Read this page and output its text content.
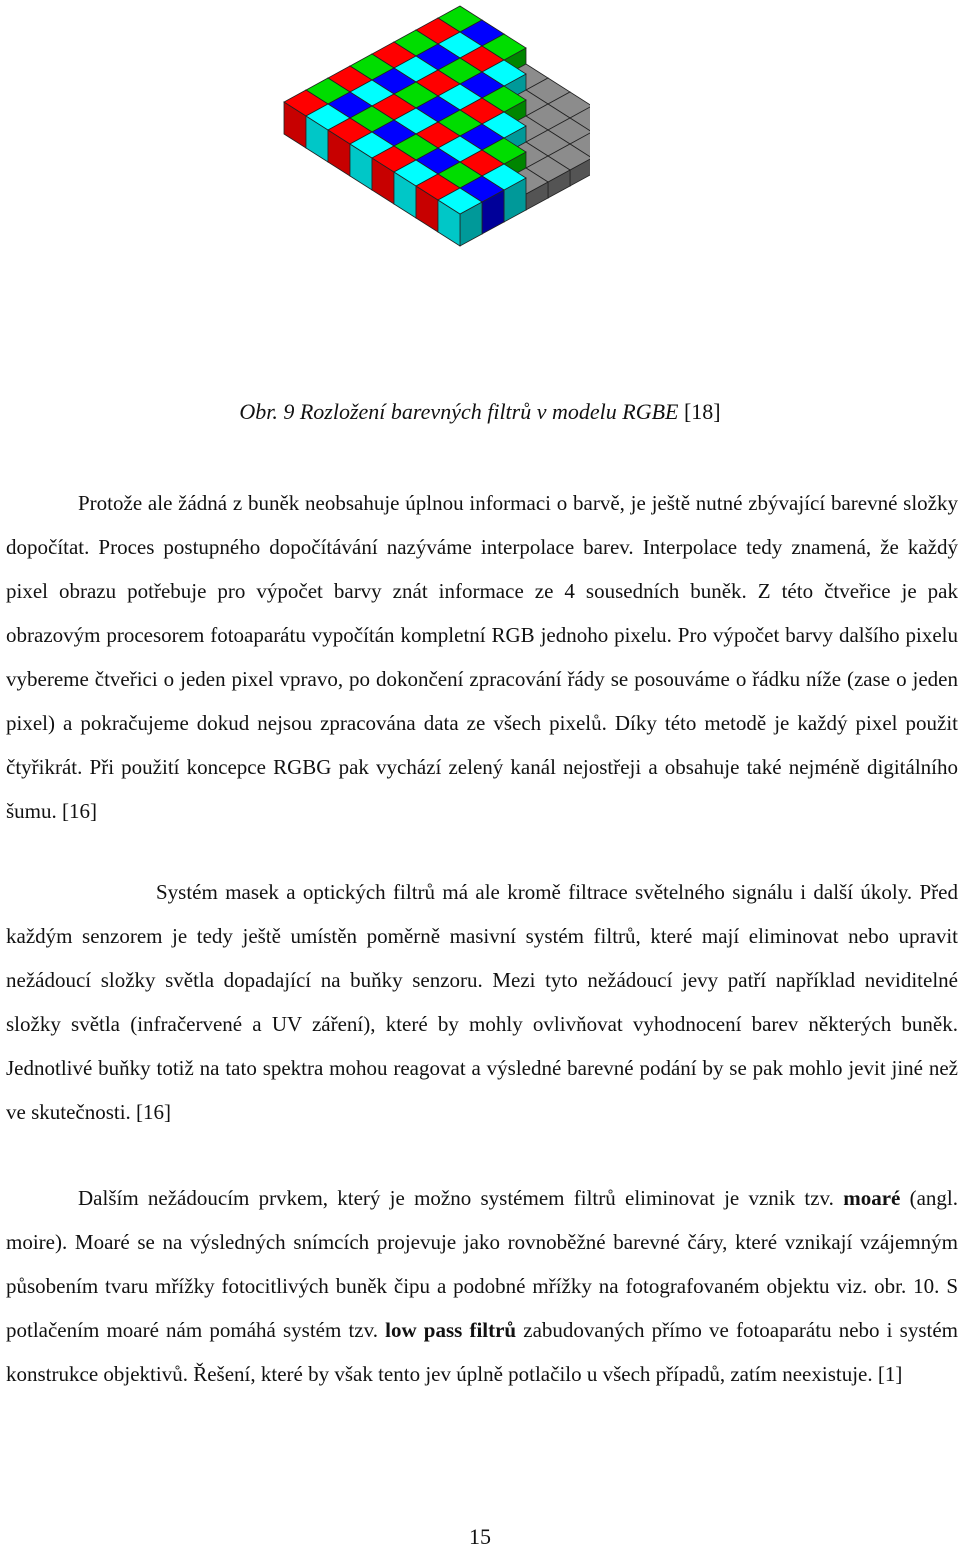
Obr. 9 Rozložení barevných filtrů v modelu RGBE [18]

Protože ale žádná z buněk neobsahuje úplnou informaci o barvě, je ještě nutné zbývající barevné složky dopočítat. Proces postupného dopočítávání nazýváme interpolace barev. Interpolace tedy znamená, že každý pixel obrazu potřebuje pro výpočet barvy znát informace ze 4 sousedních buněk. Z této čtveřice je pak obrazovým procesorem fotoaparátu vypočítán kompletní RGB jednoho pixelu. Pro výpočet barvy dalšího pixelu vybereme čtveřici o jeden pixel vpravo, po dokončení zpracování řády se posouváme o řádku níže (zase o jeden pixel) a pokračujeme dokud nejsou zpracována data ze všech pixelů. Díky této metodě je každý pixel použit čtyřikrát. Při použití koncepce RGBG pak vychází zelený kanál nejostřeji a obsahuje také nejméně digitálního šumu. [16]

Systém masek a optických filtrů má ale kromě filtrace světelného signálu i další úkoly. Před každým senzorem je tedy ještě umístěn poměrně masivní systém filtrů, které mají eliminovat nebo upravit nežádoucí složky světla dopadající na buňky senzoru. Mezi tyto nežádoucí jevy patří například neviditelné složky světla (infračervené a UV záření), které by mohly ovlivňovat vyhodnocení barev některých buněk. Jednotlivé buňky totiž na tato spektra mohou reagovat a výsledné barevné podání by se pak mohlo jevit jiné než ve skutečnosti. [16]

Dalším nežádoucím prvkem, který je možno systémem filtrů eliminovat je vznik tzv. moaré (angl. moire). Moaré se na výsledných snímcích projevuje jako rovnoběžné barevné čáry, které vznikají vzájemným působením tvaru mřížky fotocitlivých buněk čipu a podobné mřížky na fotografovaném objektu viz. obr. 10. S potlačením moaré nám pomáhá systém tzv. low pass filtrů zabudovaných přímo ve fotoaparátu nebo i systém konstrukce objektivů. Řešení, které by však tento jev úplně potlačilo u všech případů, zatím neexistuje. [1]

15
